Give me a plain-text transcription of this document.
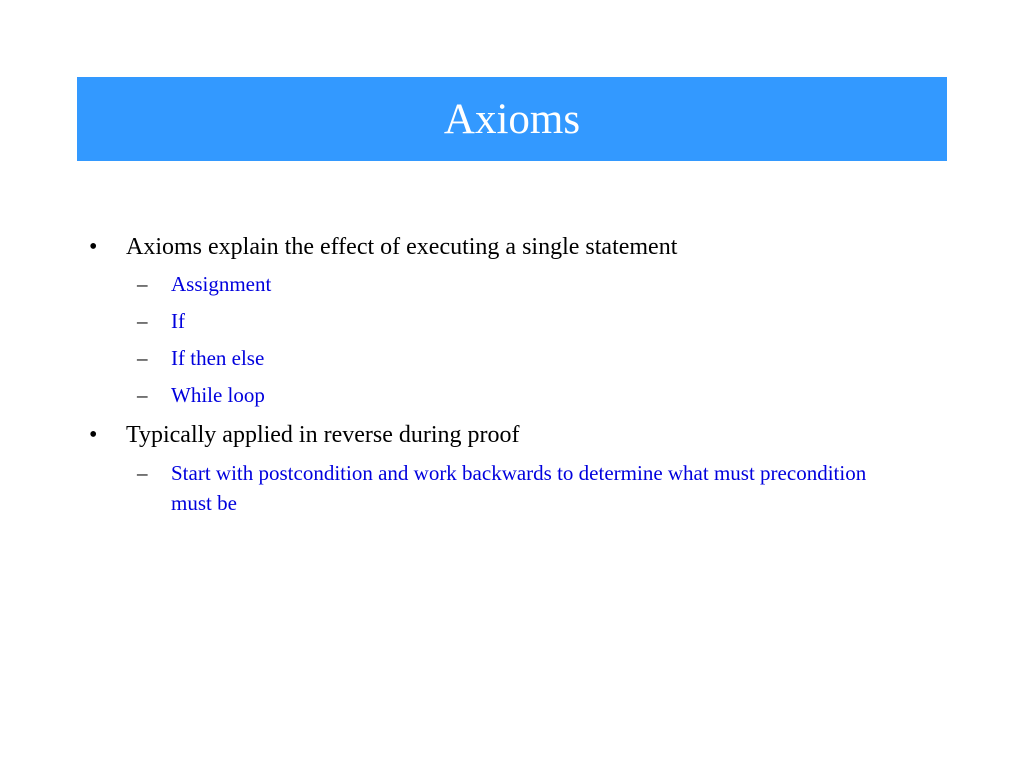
Axioms
• Axioms explain the effect of executing a single statement
– Assignment
– If
– If then else
– While loop
• Typically applied in reverse during proof
– Start with postcondition and work backwards to determine what must precondition must be
